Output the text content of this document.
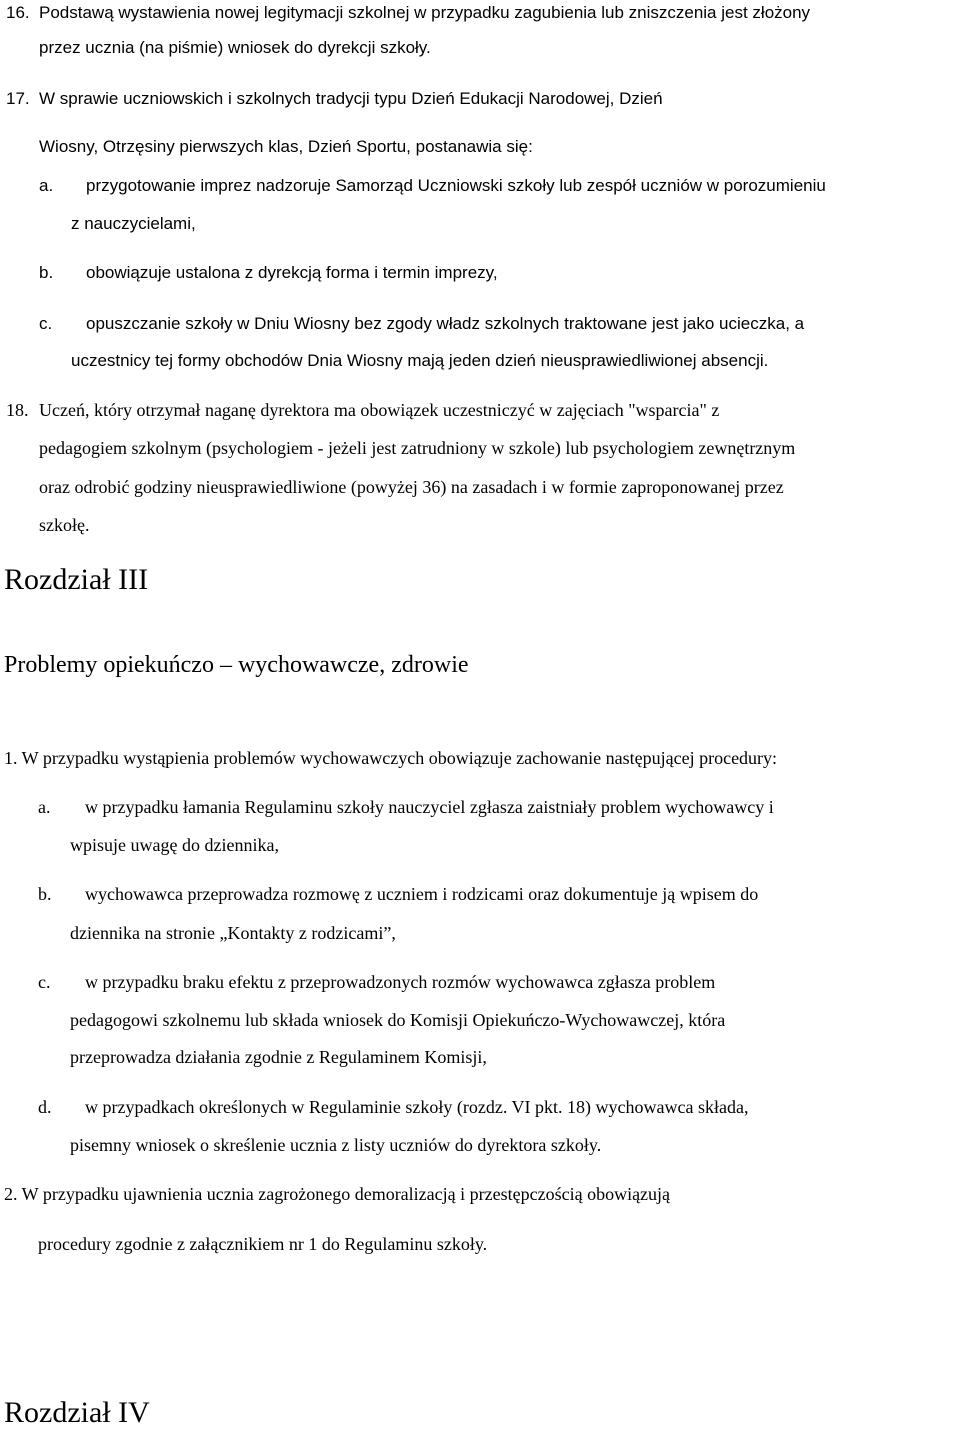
16. Podstawą wystawienia nowej legitymacji szkolnej w przypadku zagubienia lub zniszczenia jest złożony

przez ucznia (na piśmie) wniosek do dyrekcji szkoły.

17. W sprawie uczniowskich i szkolnych tradycji typu Dzień Edukacji Narodowej, Dzień

Wiosny, Otrzęsiny pierwszych klas, Dzień Sportu, postanawia się:

a. przygotowanie imprez nadzoruje Samorząd Uczniowski szkoły lub zespół uczniów w porozumieniu

z nauczycielami,

b. obowiązuje ustalona z dyrekcją forma i termin imprezy,

c. opuszczanie szkoły w Dniu Wiosny bez zgody władz szkolnych traktowane jest jako ucieczka, a

uczestnicy tej formy obchodów Dnia Wiosny mają jeden dzień nieusprawiedliwionej absencji.

18. Uczeń, który otrzymał naganę dyrektora ma obowiązek uczestniczyć w zajęciach "wsparcia" z

pedagogiem szkolnym (psychologiem - jeżeli jest zatrudniony w szkole) lub psychologiem zewnętrznym

oraz odrobić godziny nieusprawiedliwione (powyżej 36) na zasadach i w formie zaproponowanej przez

szkołę.

Rozdział III
Problemy opiekuńczo – wychowawcze, zdrowie

1. W przypadku wystąpienia problemów wychowawczych obowiązuje zachowanie następującej procedury:

a. w przypadku łamania Regulaminu szkoły nauczyciel zgłasza zaistniały problem wychowawcy i

wpisuje uwagę do dziennika,

b. wychowawca przeprowadza rozmowę z uczniem i rodzicami oraz dokumentuje ją wpisem do

dziennika na stronie „Kontakty z rodzicami”,

c. w przypadku braku efektu z przeprowadzonych rozmów wychowawca zgłasza problem

pedagogowi szkolnemu lub składa wniosek do Komisji Opiekuńczo-Wychowawczej, która

przeprowadza działania zgodnie z Regulaminem Komisji,

d. w przypadkach określonych w Regulaminie szkoły (rozdz. VI pkt. 18) wychowawca składa,

pisemny wniosek o skreślenie ucznia z listy uczniów do dyrektora szkoły.

2. W przypadku ujawnienia ucznia zagrożonego demoralizacją i przestępczością obowiązują

procedury zgodnie z załącznikiem nr 1 do Regulaminu szkoły.

Rozdział IV
